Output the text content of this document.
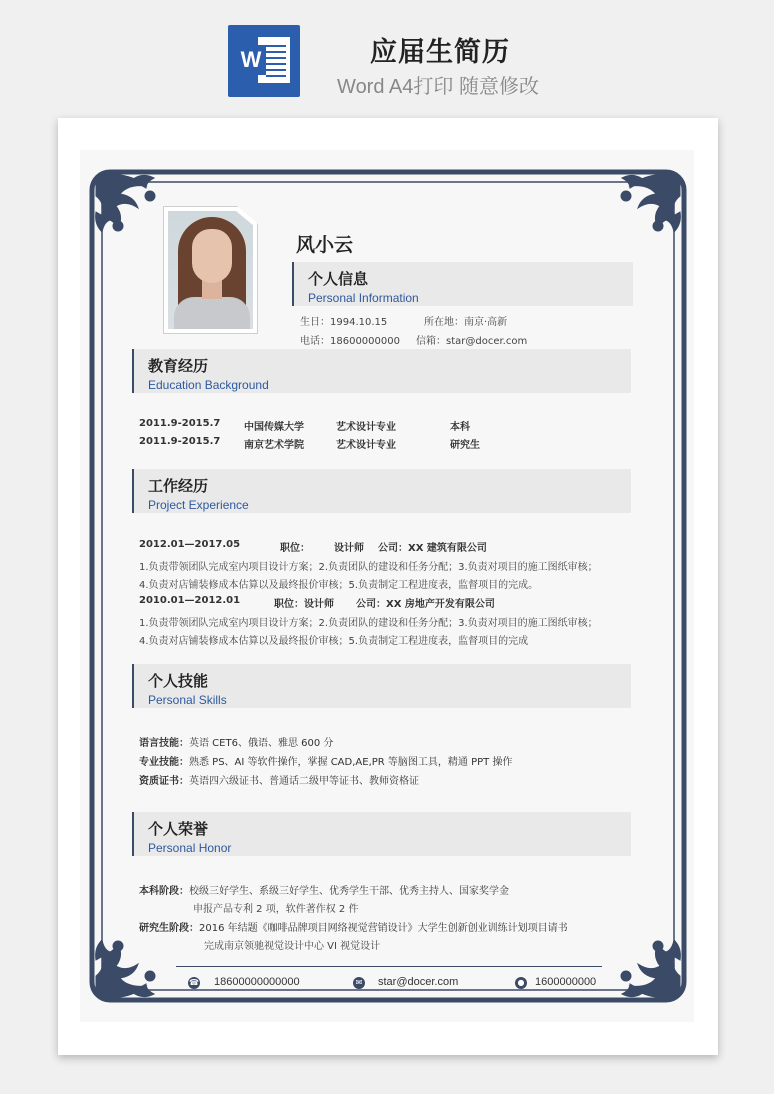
W	应届生简历
Word A4打印 随意修改
风小云
个人信息
Personal Information
生日：1994.10.15	所在地：南京·高新
电话：18600000000 信箱：star@docer.com
教育经历
Education Background
2011.9-2015.7 中国传媒大学	艺术设计专业	本科
2011.9-2015.7 南京艺术学院	艺术设计专业	研究生
工作经历
Project Experience
2012.01—2017.05	职位： 设计师 公司：XX 建筑有限公司
1.负责带领团队完成室内项目设计方案；2.负责团队的建设和任务分配；3.负责对项目的施工图纸审核；
4.负责对店铺装修成本估算以及最终报价审核；5.负责制定工程进度表，监督项目的完成。
2010.01—2012.01	职位：设计师 公司：XX 房地产开发有限公司
1.负责带领团队完成室内项目设计方案；2.负责团队的建设和任务分配；3.负责对项目的施工图纸审核；
4.负责对店铺装修成本估算以及最终报价审核；5.负责制定工程进度表，监督项目的完成
个人技能
Personal Skills
语言技能：英语 CET6、俄语、雅思 600 分
专业技能：熟悉 PS、AI 等软件操作，掌握 CAD,AE,PR 等脑图工具，精通 PPT 操作
资质证书：英语四六级证书、普通话二级甲等证书、教师资格证
个人荣誉
Personal Honor
本科阶段：校级三好学生、系级三好学生、优秀学生干部、优秀主持人、国家奖学金
申报产品专利 2 项，软件著作权 2 件
研究生阶段：2016 年结题《咖啡品牌项目网络视觉营销设计》大学生创新创业训练计划项目请书
完成南京领驰视觉设计中心 VI 视觉设计
☎ 18600000000000	✉ star@docer.com	● 1600000000
